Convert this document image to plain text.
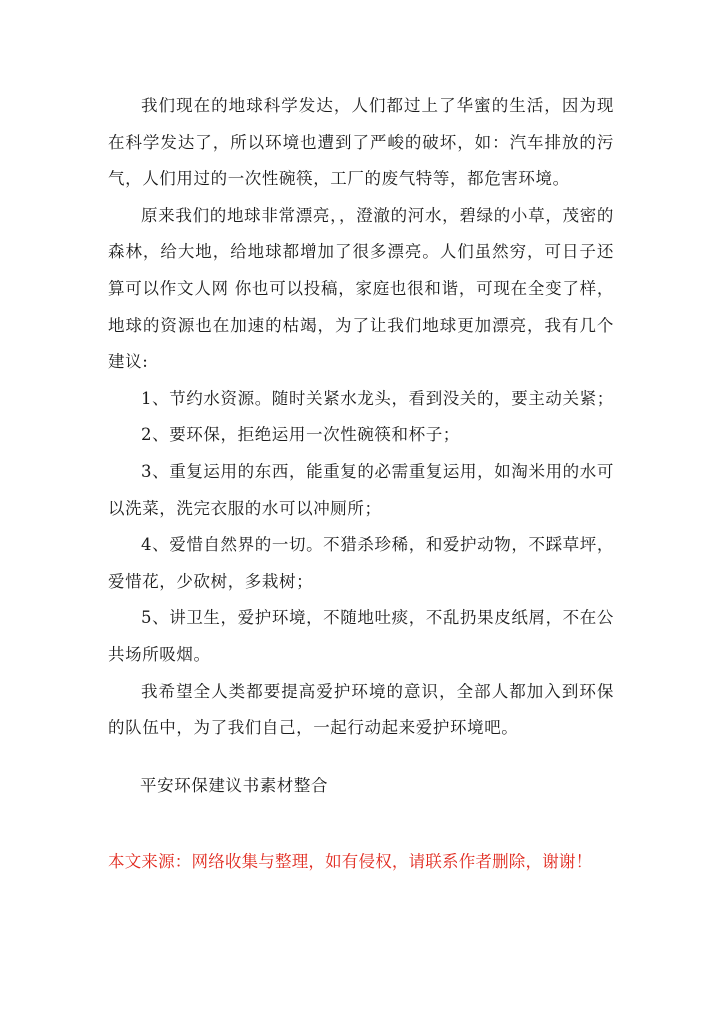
我们现在的地球科学发达，人们都过上了华蜜的生活，因为现在科学发达了，所以环境也遭到了严峻的破坏，如：汽车排放的污气，人们用过的一次性碗筷，工厂的废气特等，都危害环境。

原来我们的地球非常漂亮，，澄澈的河水，碧绿的小草，茂密的森林，给大地，给地球都增加了很多漂亮。人们虽然穷，可日子还算可以作文人网 你也可以投稿，家庭也很和谐，可现在全变了样，地球的资源也在加速的枯竭，为了让我们地球更加漂亮，我有几个建议:

1、节约水资源。随时关紧水龙头，看到没关的，要主动关紧；

2、要环保，拒绝运用一次性碗筷和杯子；

3、重复运用的东西，能重复的必需重复运用，如淘米用的水可以洗菜，洗完衣服的水可以冲厕所；

4、爱惜自然界的一切。不猎杀珍稀，和爱护动物，不踩草坪，爱惜花，少砍树，多栽树；

5、讲卫生，爱护环境，不随地吐痰，不乱扔果皮纸屑，不在公共场所吸烟。

我希望全人类都要提高爱护环境的意识，全部人都加入到环保的队伍中，为了我们自己，一起行动起来爱护环境吧。

平安环保建议书素材整合

本文来源：网络收集与整理，如有侵权，请联系作者删除，谢谢！
